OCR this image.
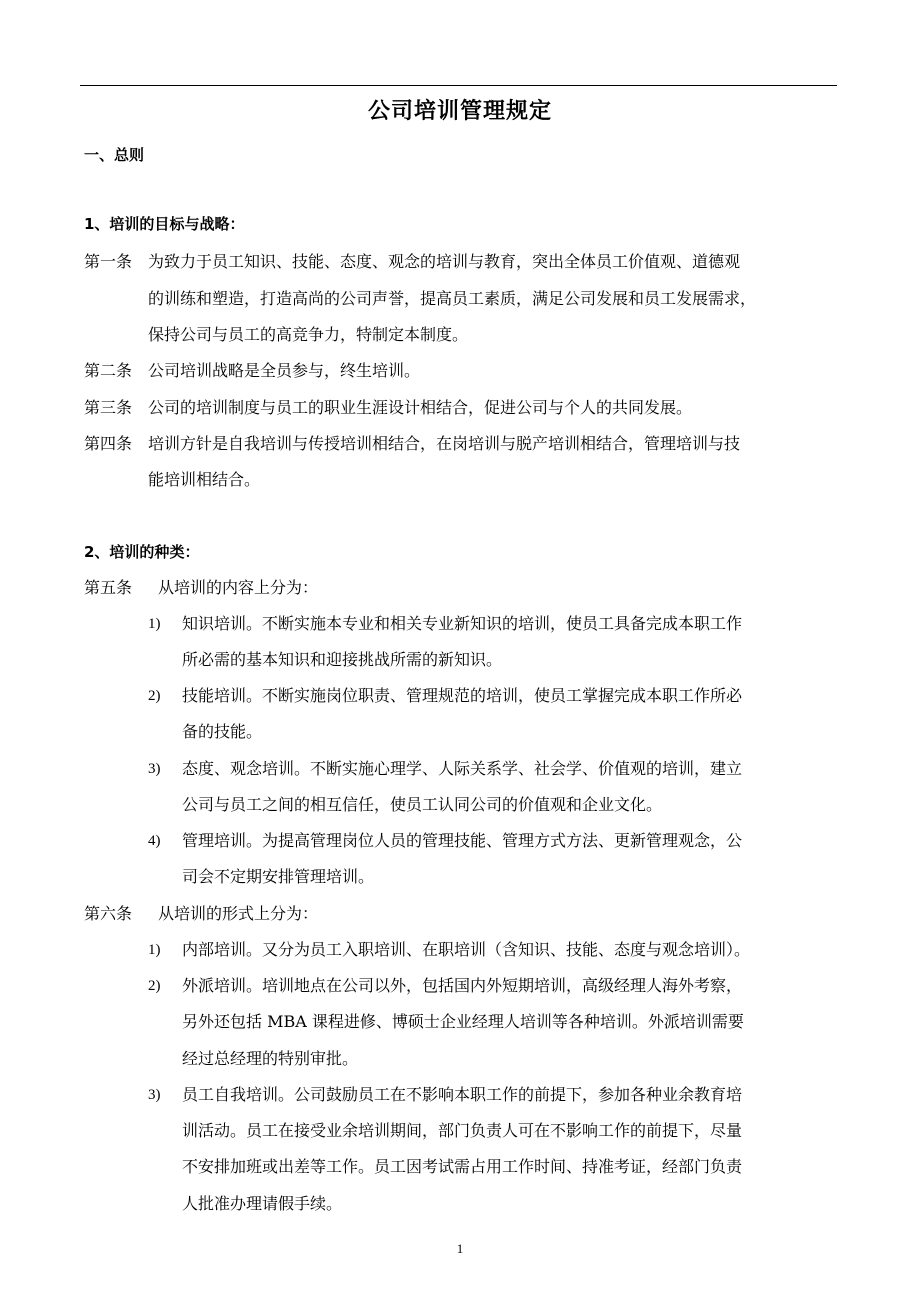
公司培训管理规定
一、总则
1、培训的目标与战略：
第一条 为致力于员工知识、技能、态度、观念的培训与教育，突出全体员工价值观、道德观
的训练和塑造，打造高尚的公司声誉，提高员工素质，满足公司发展和员工发展需求，
保持公司与员工的高竞争力，特制定本制度。
第二条 公司培训战略是全员参与，终生培训。
第三条 公司的培训制度与员工的职业生涯设计相结合，促进公司与个人的共同发展。
第四条 培训方针是自我培训与传授培训相结合，在岗培训与脱产培训相结合，管理培训与技
能培训相结合。
2、培训的种类：
第五条 从培训的内容上分为：
1) 知识培训。不断实施本专业和相关专业新知识的培训，使员工具备完成本职工作
所必需的基本知识和迎接挑战所需的新知识。
2) 技能培训。不断实施岗位职责、管理规范的培训，使员工掌握完成本职工作所必
备的技能。
3) 态度、观念培训。不断实施心理学、人际关系学、社会学、价值观的培训，建立
公司与员工之间的相互信任，使员工认同公司的价值观和企业文化。
4) 管理培训。为提高管理岗位人员的管理技能、管理方式方法、更新管理观念，公
司会不定期安排管理培训。
第六条 从培训的形式上分为：
1) 内部培训。又分为员工入职培训、在职培训（含知识、技能、态度与观念培训）。
2) 外派培训。培训地点在公司以外，包括国内外短期培训，高级经理人海外考察，
另外还包括 MBA 课程进修、博硕士企业经理人培训等各种培训。外派培训需要
经过总经理的特别审批。
3) 员工自我培训。公司鼓励员工在不影响本职工作的前提下，参加各种业余教育培
训活动。员工在接受业余培训期间，部门负责人可在不影响工作的前提下，尽量
不安排加班或出差等工作。员工因考试需占用工作时间、持准考证，经部门负责
人批准办理请假手续。
1
